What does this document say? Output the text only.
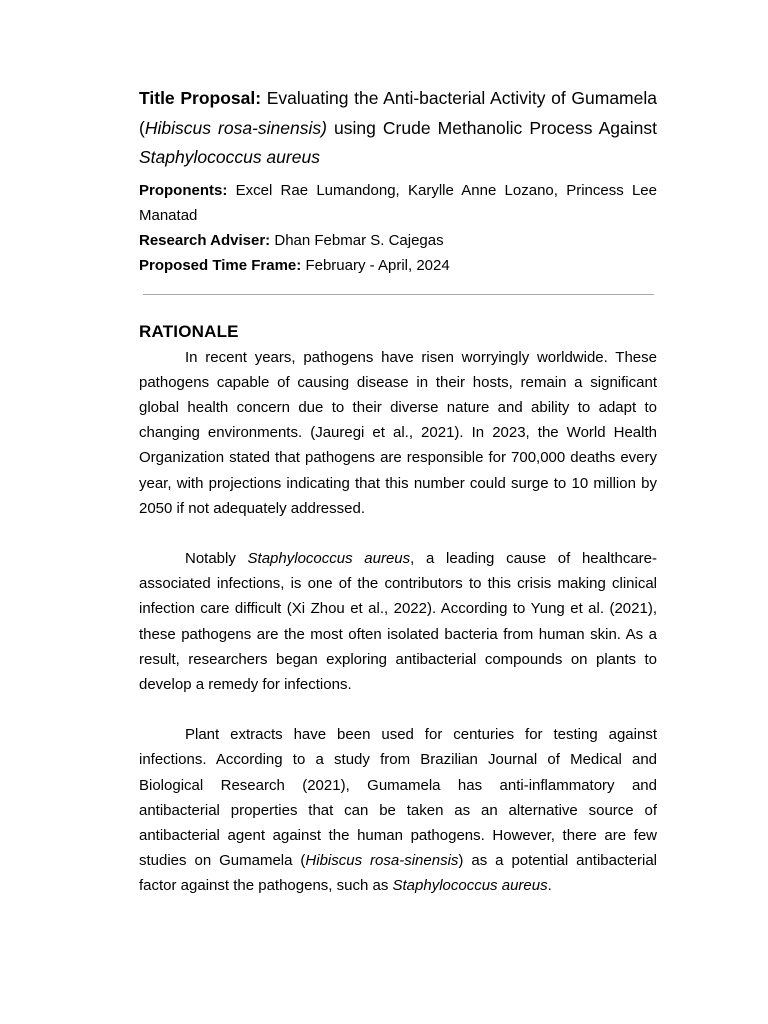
Title Proposal: Evaluating the Anti-bacterial Activity of Gumamela (Hibiscus rosa-sinensis) using Crude Methanolic Process Against Staphylococcus aureus

Proponents: Excel Rae Lumandong, Karylle Anne Lozano, Princess Lee Manatad

Research Adviser: Dhan Febmar S. Cajegas

Proposed Time Frame: February - April, 2024

RATIONALE

In recent years, pathogens have risen worryingly worldwide. These pathogens capable of causing disease in their hosts, remain a significant global health concern due to their diverse nature and ability to adapt to changing environments. (Jauregi et al., 2021). In 2023, the World Health Organization stated that pathogens are responsible for 700,000 deaths every year, with projections indicating that this number could surge to 10 million by 2050 if not adequately addressed.

Notably Staphylococcus aureus, a leading cause of healthcare-associated infections, is one of the contributors to this crisis making clinical infection care difficult (Xi Zhou et al., 2022). According to Yung et al. (2021), these pathogens are the most often isolated bacteria from human skin. As a result, researchers began exploring antibacterial compounds on plants to develop a remedy for infections.

Plant extracts have been used for centuries for testing against infections. According to a study from Brazilian Journal of Medical and Biological Research (2021), Gumamela has anti-inflammatory and antibacterial properties that can be taken as an alternative source of antibacterial agent against the human pathogens. However, there are few studies on Gumamela (Hibiscus rosa-sinensis) as a potential antibacterial factor against the pathogens, such as Staphylococcus aureus.
